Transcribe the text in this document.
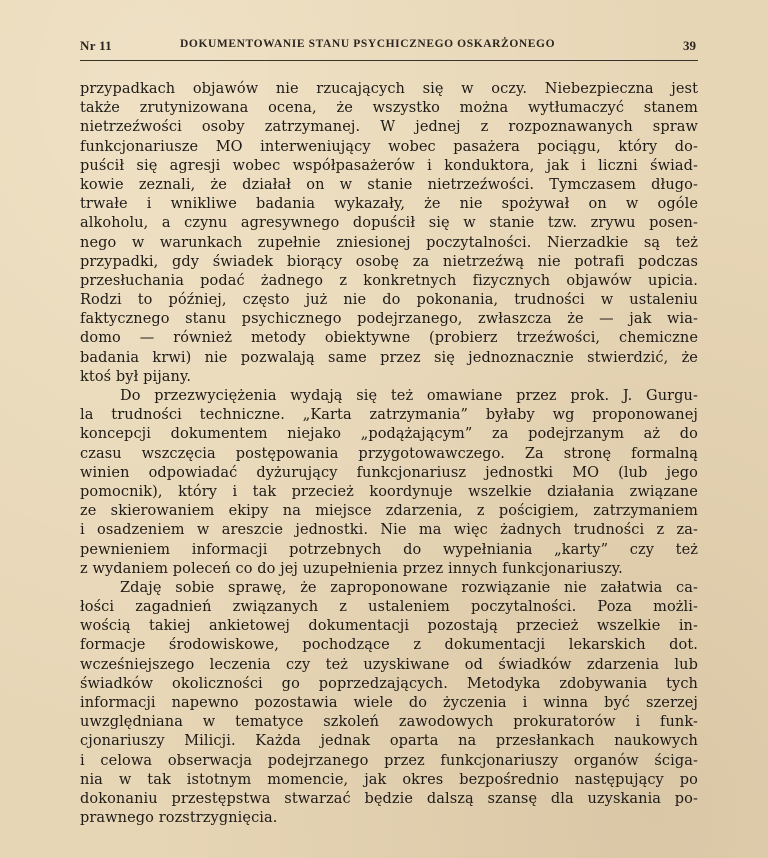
Nr 11	DOKUMENTOWANIE STANU PSYCHICZNEGO OSKARŻONEGO	39
przypadkach objawów nie rzucających się w oczy. Niebezpieczna jest
także zrutynizowana ocena, że wszystko można wytłumaczyć stanem
nietrzeźwości osoby zatrzymanej. W jednej z rozpoznawanych spraw
funkcjonariusze MO interweniujący wobec pasażera pociągu, który do-
puścił się agresji wobec współpasażerów i konduktora, jak i liczni świad-
kowie zeznali, że działał on w stanie nietrzeźwości. Tymczasem długo-
trwałe i wnikliwe badania wykazały, że nie spożywał on w ogóle
alkoholu, a czynu agresywnego dopuścił się w stanie tzw. zrywu posen-
nego w warunkach zupełnie zniesionej poczytalności. Nierzadkie są też
przypadki, gdy świadek biorący osobę za nietrzeźwą nie potrafi podczas
przesłuchania podać żadnego z konkretnych fizycznych objawów upicia.
Rodzi to później, często już nie do pokonania, trudności w ustaleniu
faktycznego stanu psychicznego podejrzanego, zwłaszcza że — jak wia-
domo — również metody obiektywne (probierz trzeźwości, chemiczne
badania krwi) nie pozwalają same przez się jednoznacznie stwierdzić, że
ktoś był pijany.
Do przezwyciężenia wydają się też omawiane przez prok. J. Gurgu-
la trudności techniczne. „Karta zatrzymania” byłaby wg proponowanej
koncepcji dokumentem niejako „podążającym” za podejrzanym aż do
czasu wszczęcia postępowania przygotowawczego. Za stronę formalną
winien odpowiadać dyżurujący funkcjonariusz jednostki MO (lub jego
pomocnik), który i tak przecież koordynuje wszelkie działania związane
ze skierowaniem ekipy na miejsce zdarzenia, z pościgiem, zatrzymaniem
i osadzeniem w areszcie jednostki. Nie ma więc żadnych trudności z za-
pewnieniem informacji potrzebnych do wypełniania „karty” czy też
z wydaniem poleceń co do jej uzupełnienia przez innych funkcjonariuszy.
Zdaję sobie sprawę, że zaproponowane rozwiązanie nie załatwia ca-
łości zagadnień związanych z ustaleniem poczytalności. Poza możli-
wością takiej ankietowej dokumentacji pozostają przecież wszelkie in-
formacje środowiskowe, pochodzące z dokumentacji lekarskich dot.
wcześniejszego leczenia czy też uzyskiwane od świadków zdarzenia lub
świadków okoliczności go poprzedzających. Metodyka zdobywania tych
informacji napewno pozostawia wiele do życzenia i winna być szerzej
uwzględniana w tematyce szkoleń zawodowych prokuratorów i funk-
cjonariuszy Milicji. Każda jednak oparta na przesłankach naukowych
i celowa obserwacja podejrzanego przez funkcjonariuszy organów ściga-
nia w tak istotnym momencie, jak okres bezpośrednio następujący po
dokonaniu przestępstwa stwarzać będzie dalszą szansę dla uzyskania po-
prawnego rozstrzygnięcia.
